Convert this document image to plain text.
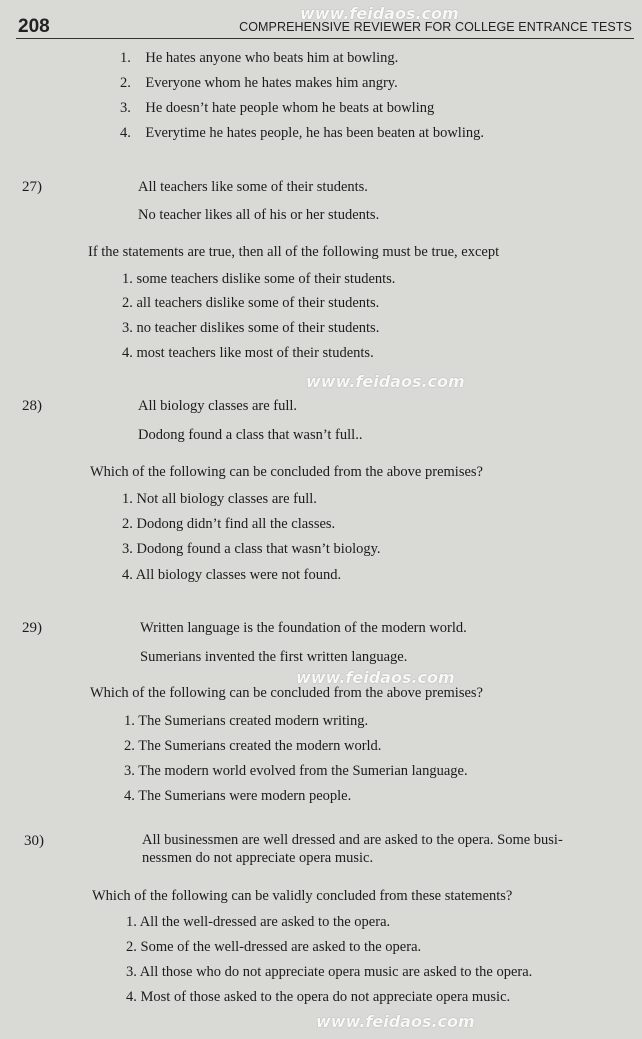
208	COMPREHENSIVE REVIEWER FOR COLLEGE ENTRANCE TESTS
www.feidaos.com
www.feidaos.com
www.feidaos.com
www.feidaos.com
1.    He hates anyone who beats him at bowling.
2.    Everyone whom he hates makes him angry.
3.    He doesn’t hate people whom he beats at bowling
4.    Everytime he hates people, he has been beaten at bowling.
27)	All teachers like some of their students.
No teacher likes all of his or her students.
If the statements are true, then all of the following must be true, except
1. some teachers dislike some of their students.
2. all teachers dislike some of their students.
3. no teacher dislikes some of their students.
4. most teachers like most of their students.
28)	All biology classes are full.
Dodong found a class that wasn’t full..
Which of the following can be concluded from the above premises?
1. Not all biology classes are full.
2. Dodong didn’t find all the classes.
3. Dodong found a class that wasn’t biology.
4. All biology classes were not found.
29)	Written language is the foundation of the modern world.
Sumerians invented the first written language.
Which of the following can be concluded from the above premises?
1. The Sumerians created modern writing.
2. The Sumerians created the modern world.
3. The modern world evolved from the Sumerian language.
4. The Sumerians were modern people.
30)	All businessmen are well dressed and are asked to the opera. Some busi-
nessmen do not appreciate opera music.
Which of the following can be validly concluded from these statements?
1. All the well-dressed are asked to the opera.
2. Some of the well-dressed are asked to the opera.
3. All those who do not appreciate opera music are asked to the opera.
4. Most of those asked to the opera do not appreciate opera music.
